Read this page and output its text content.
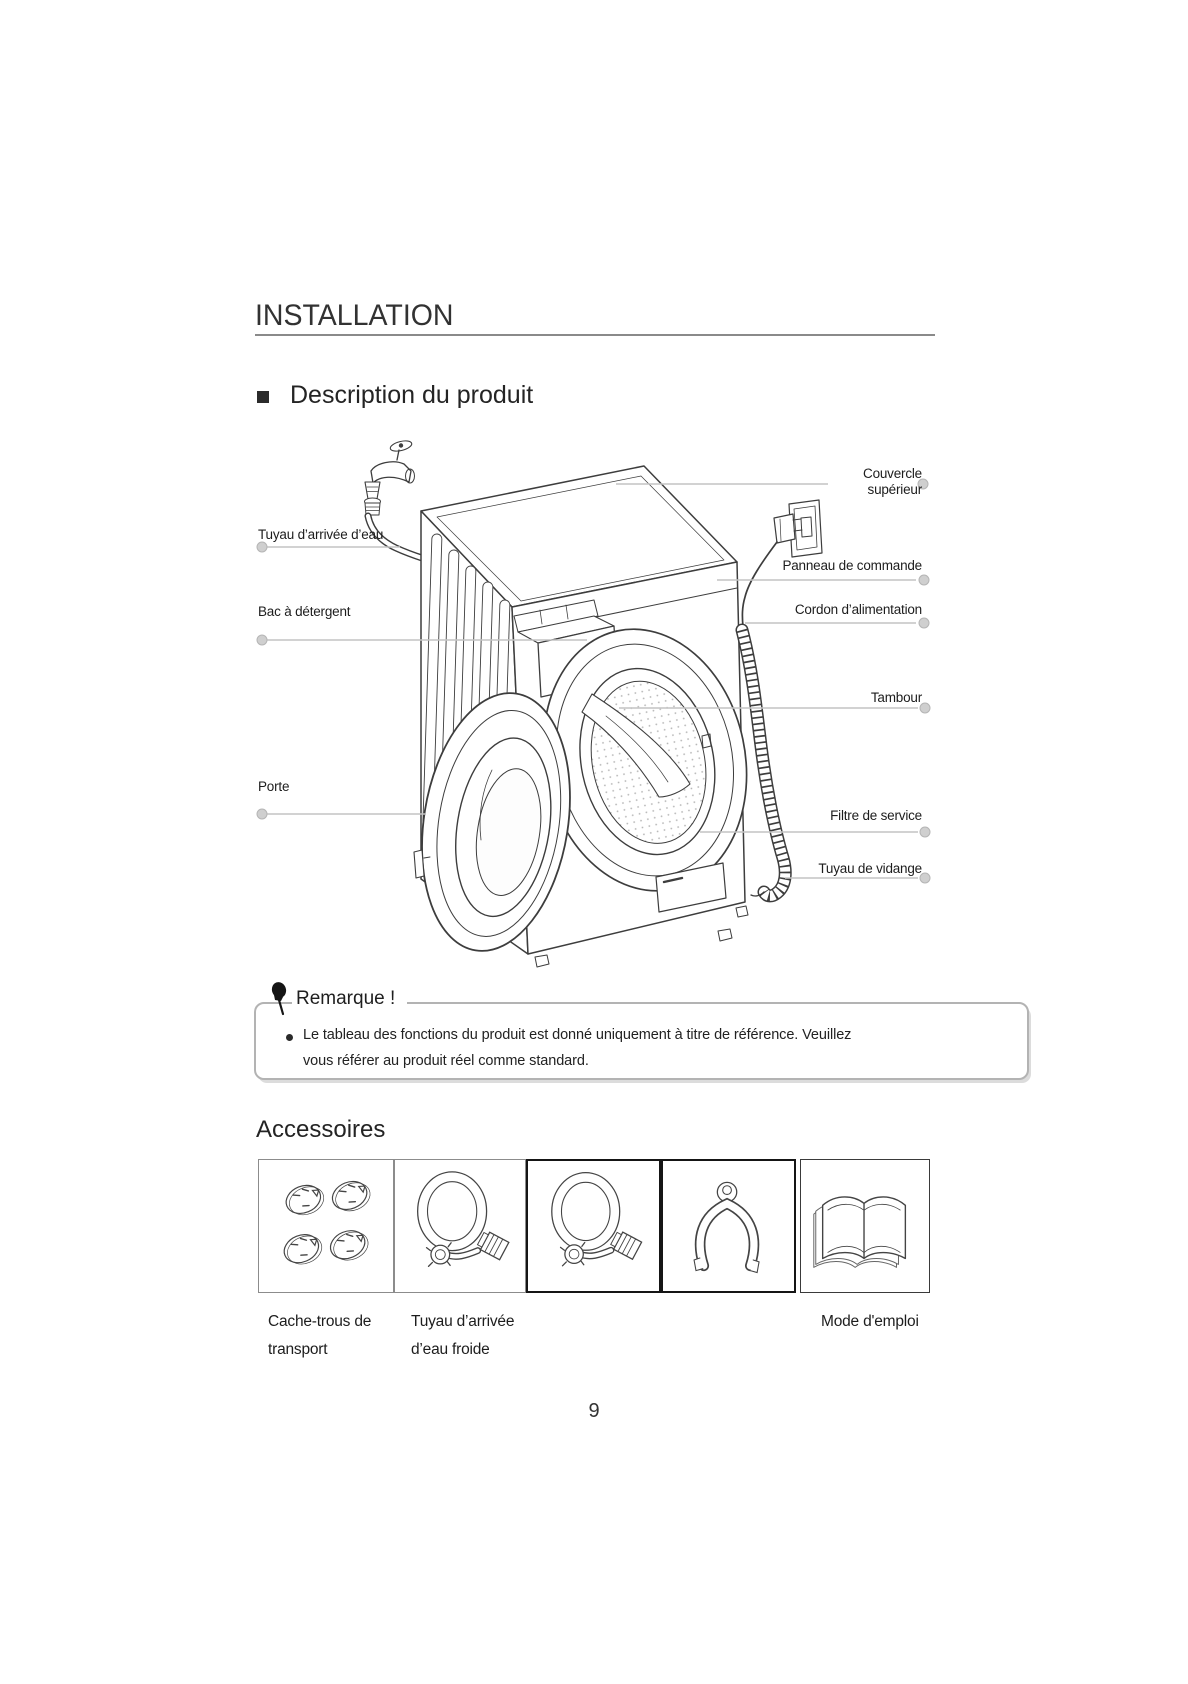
INSTALLATION
Description du produit
Tuyau d’arrivée d’eau
Bac à détergent
Porte
Couvercle supérieur
Panneau de commande
Cordon d’alimentation
Tambour
Filtre de service
Tuyau de vidange
Remarque !
Le tableau des fonctions du produit est donné uniquement à titre de référence. Veuillez
vous référer au produit réel comme standard.
Accessoires
Cache-trous de transport
Tuyau d’arrivée d’eau froide
Mode d'emploi
9
